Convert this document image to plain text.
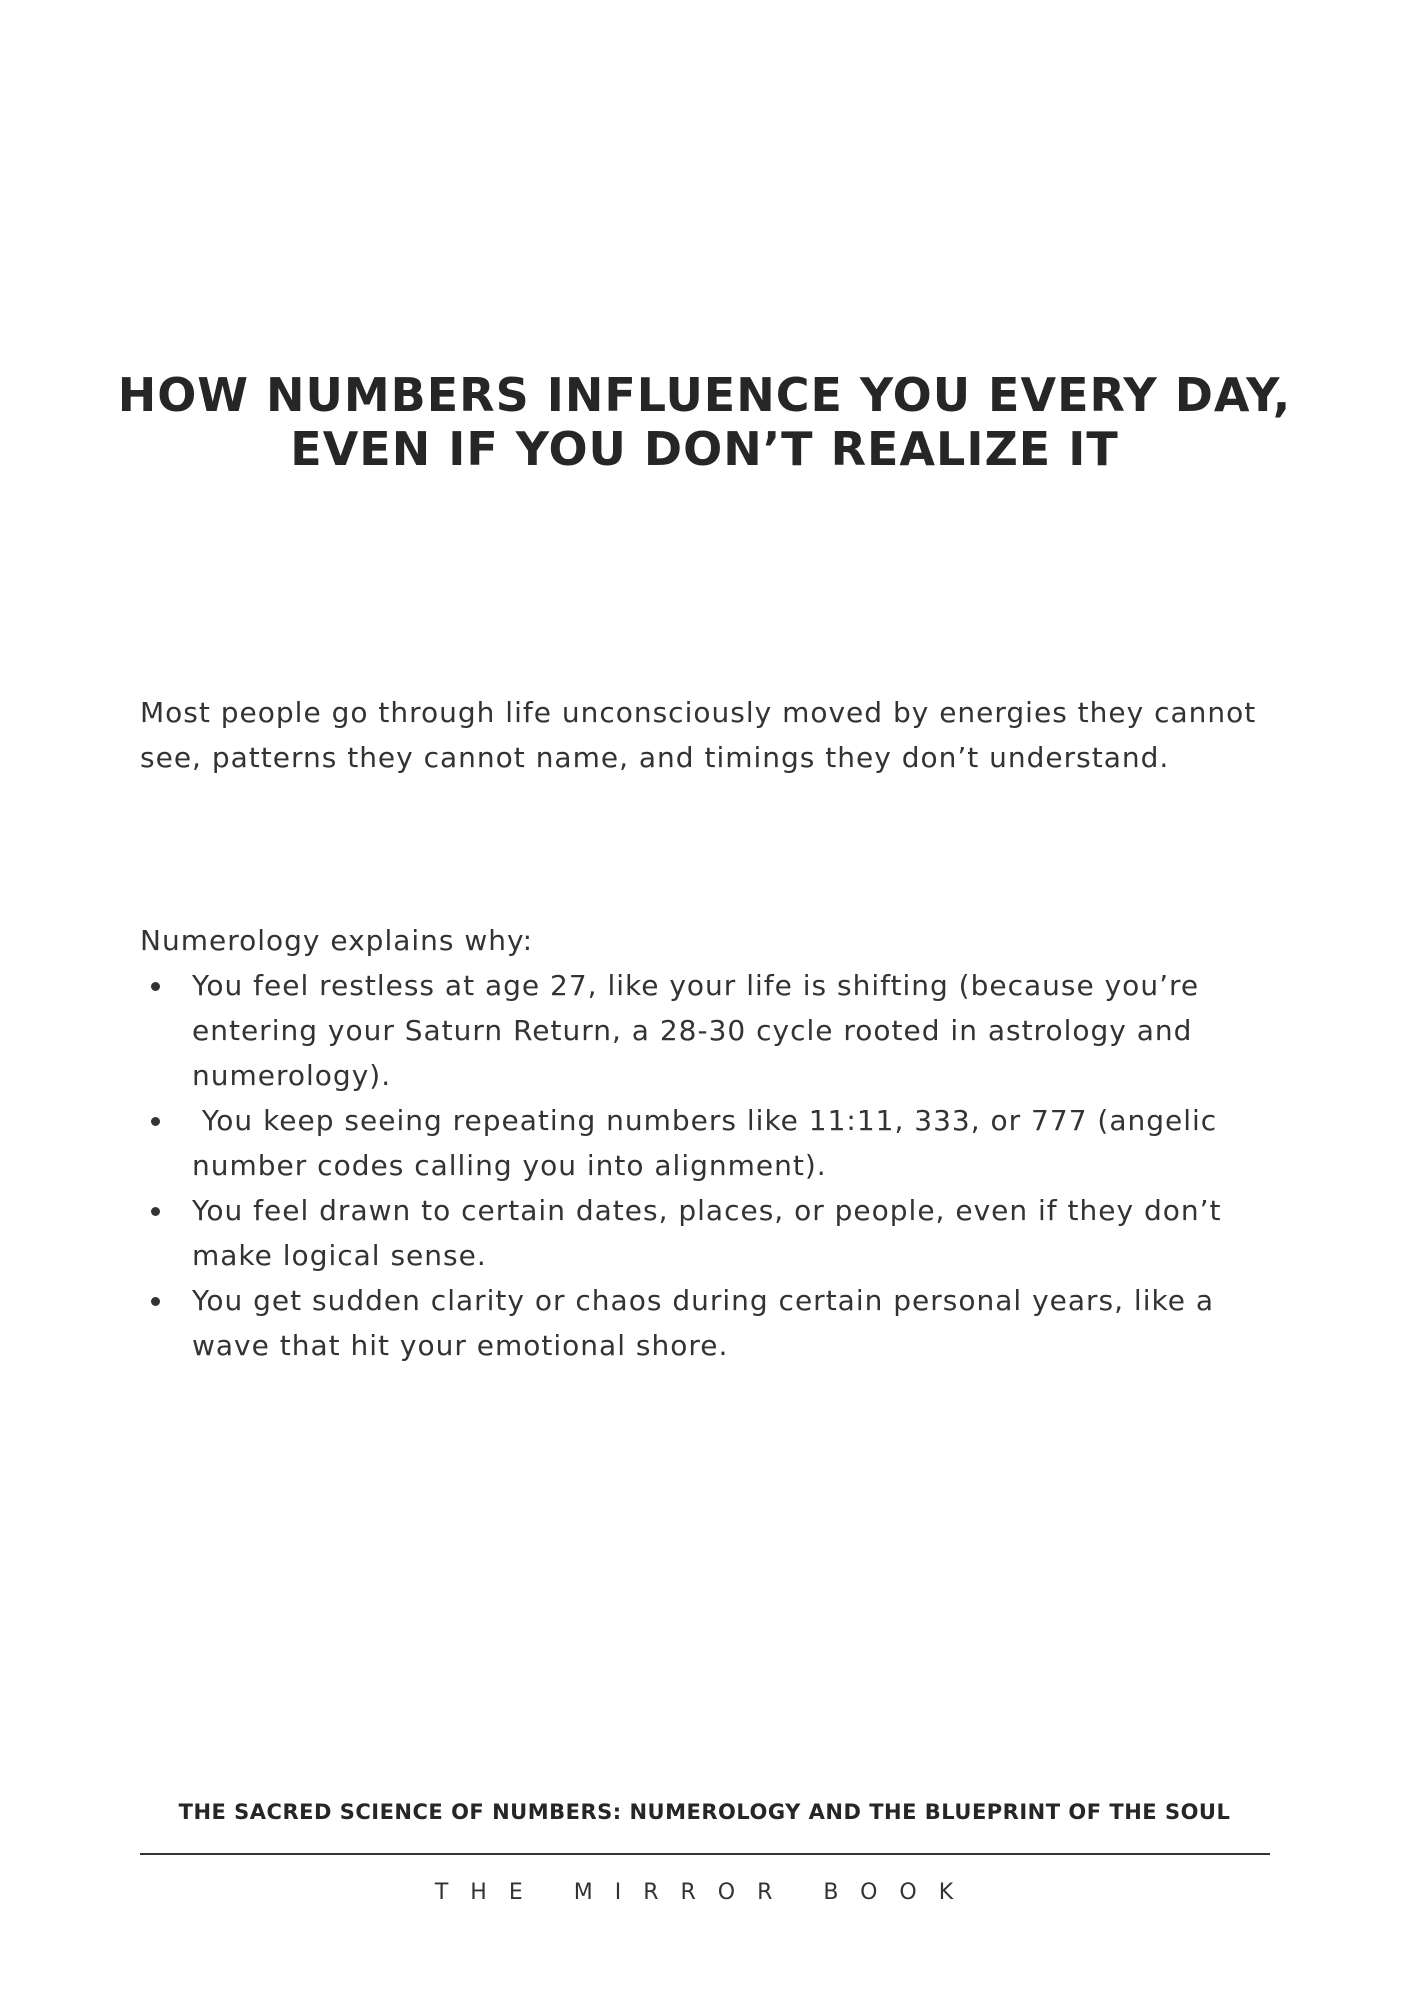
HOW NUMBERS INFLUENCE YOU EVERY DAY,
EVEN IF YOU DON’T REALIZE IT

Most people go through life unconsciously moved by energies they cannot see, patterns they cannot name, and timings they don’t understand.

Numerology explains why:

You feel restless at age 27, like your life is shifting (because you’re entering your Saturn Return, a 28-30 cycle rooted in astrology and numerology).
You keep seeing repeating numbers like 11:11, 333, or 777 (angelic number codes calling you into alignment).
You feel drawn to certain dates, places, or people, even if they don’t make logical sense.
You get sudden clarity or chaos during certain personal years, like a wave that hit your emotional shore.
THE SACRED SCIENCE OF NUMBERS: NUMEROLOGY AND THE BLUEPRINT OF THE SOUL
THE MIRROR BOOK
